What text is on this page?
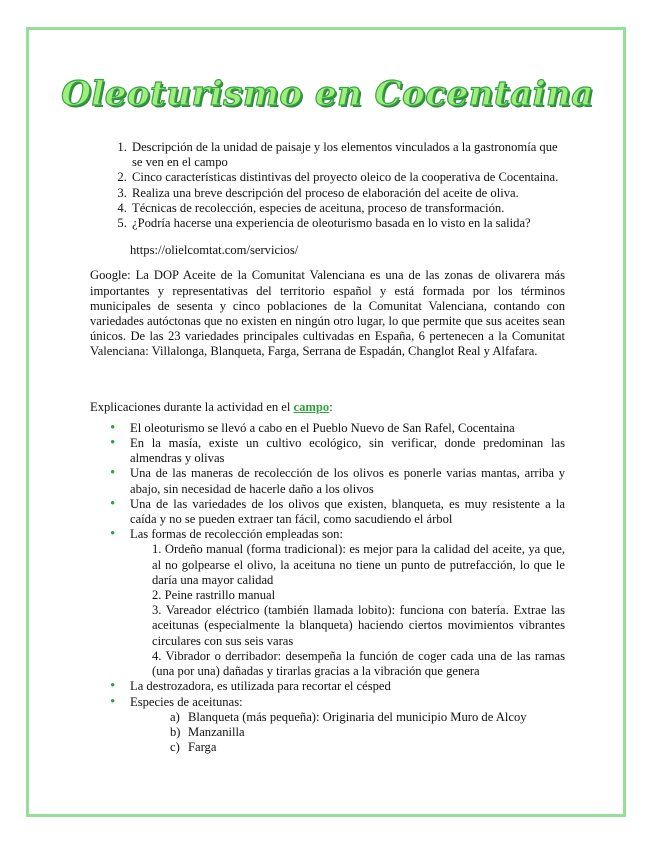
Oleoturismo en Cocentaina
1. Descripción de la unidad de paisaje y los elementos vinculados a la gastronomía que se ven en el campo
2. Cinco características distintivas del proyecto oleico de la cooperativa de Cocentaina.
3. Realiza una breve descripción del proceso de elaboración del aceite de oliva.
4. Técnicas de recolección, especies de aceituna, proceso de transformación.
5. ¿Podría hacerse una experiencia de oleoturismo basada en lo visto en la salida?
https://olielcomtat.com/servicios/
Google: La DOP Aceite de la Comunitat Valenciana es una de las zonas de olivarera más importantes y representativas del territorio español y está formada por los términos municipales de sesenta y cinco poblaciones de la Comunitat Valenciana, contando con variedades autóctonas que no existen en ningún otro lugar, lo que permite que sus aceites sean únicos. De las 23 variedades principales cultivadas en España, 6 pertenecen a la Comunitat Valenciana: Villalonga, Blanqueta, Farga, Serrana de Espadán, Changlot Real y Alfafara.
Explicaciones durante la actividad en el campo:
• El oleoturismo se llevó a cabo en el Pueblo Nuevo de San Rafel, Cocentaina
• En la masía, existe un cultivo ecológico, sin verificar, donde predominan las almendras y olivas
• Una de las maneras de recolección de los olivos es ponerle varias mantas, arriba y abajo, sin necesidad de hacerle daño a los olivos
• Una de las variedades de los olivos que existen, blanqueta, es muy resistente a la caída y no se pueden extraer tan fácil, como sacudiendo el árbol
• Las formas de recolección empleadas son:
1. Ordeño manual (forma tradicional): es mejor para la calidad del aceite, ya que, al no golpearse el olivo, la aceituna no tiene un punto de putrefacción, lo que le daría una mayor calidad
2. Peine rastrillo manual
3. Vareador eléctrico (también llamada lobito): funciona con batería. Extrae las aceitunas (especialmente la blanqueta) haciendo ciertos movimientos vibrantes circulares con sus seis varas
4. Vibrador o derribador: desempeña la función de coger cada una de las ramas (una por una) dañadas y tirarlas gracias a la vibración que genera
• La destrozadora, es utilizada para recortar el césped
• Especies de aceitunas:
a) Blanqueta (más pequeña): Originaria del municipio Muro de Alcoy
b) Manzanilla
c) Farga
